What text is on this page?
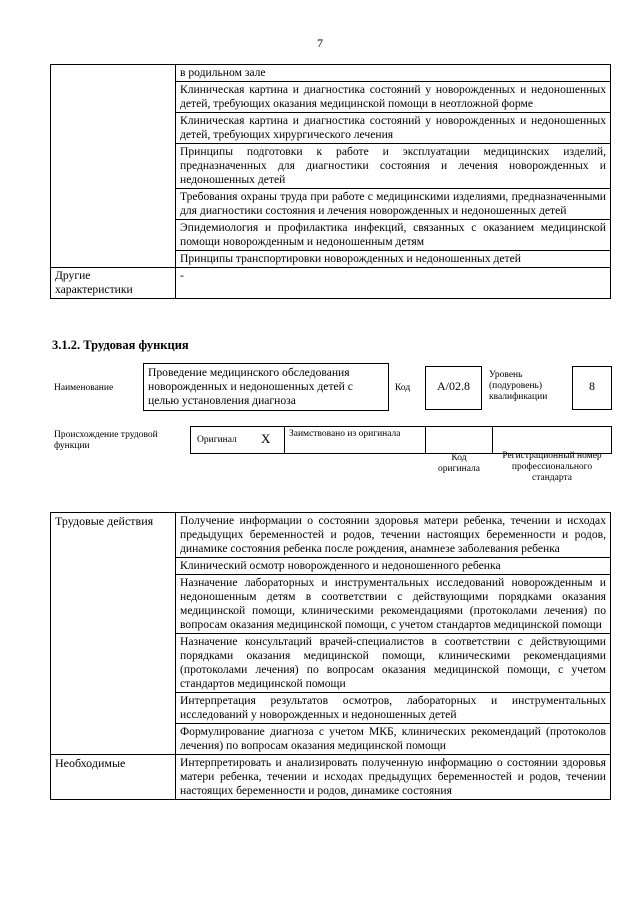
7
	в родильном зале
	Клиническая картина и диагностика состояний у новорожденных и недоношенных детей, требующих оказания медицинской помощи в неотложной форме
	Клиническая картина и диагностика состояний у новорожденных и недоношенных детей, требующих хирургического лечения
	Принципы подготовки к работе и эксплуатации медицинских изделий, предназначенных для диагностики состояния и лечения новорожденных и недоношенных детей
	Требования охраны труда при работе с медицинскими изделиями, предназначенными для диагностики состояния и лечения новорожденных и недоношенных детей
	Эпидемиология и профилактика инфекций, связанных с оказанием медицинской помощи новорожденным и недоношенным детям
	Принципы транспортировки новорожденных и недоношенных детей
Другие характеристики	-
3.1.2. Трудовая функция
Наименование
Проведение медицинского обследования новорожденных и недоношенных детей с целью установления диагноза
Код	A/02.8
Уровень (подуровень) квалификации
8
Происхождение трудовой функции
Оригинал X Заимствовано из оригинала
Код оригинала
Регистрационный номер профессионального стандарта
Трудовые действия	Получение информации о состоянии здоровья матери ребенка, течении и исходах предыдущих беременностей и родов, течении настоящих беременности и родов, динамике состояния ребенка после рождения, анамнезе заболевания ребенка
	Клинический осмотр новорожденного и недоношенного ребенка
	Назначение лабораторных и инструментальных исследований новорожденным и недоношенным детям в соответствии с действующими порядками оказания медицинской помощи, клиническими рекомендациями (протоколами лечения) по вопросам оказания медицинской помощи, с учетом стандартов медицинской помощи
	Назначение консультаций врачей-специалистов в соответствии с действующими порядками оказания медицинской помощи, клиническими рекомендациями (протоколами лечения) по вопросам оказания медицинской помощи, с учетом стандартов медицинской помощи
	Интерпретация результатов осмотров, лабораторных и инструментальных исследований у новорожденных и недоношенных детей
	Формулирование диагноза с учетом МКБ, клинических рекомендаций (протоколов лечения) по вопросам оказания медицинской помощи
Необходимые	Интерпретировать и анализировать полученную информацию о состоянии здоровья матери ребенка, течении и исходах предыдущих беременностей и родов, течении настоящих беременности и родов, динамике состояния
